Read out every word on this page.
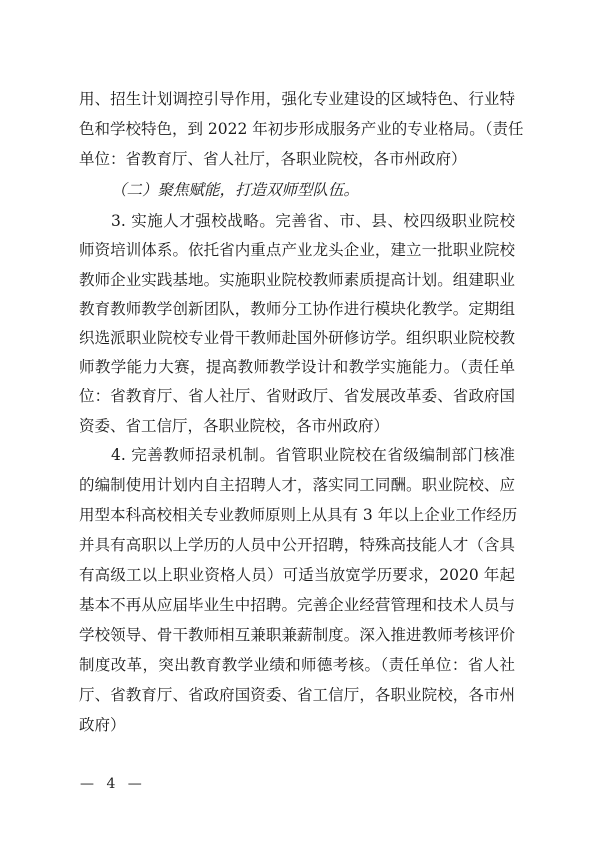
用、招生计划调控引导作用，强化专业建设的区域特色、行业特
色和学校特色，到 2022 年初步形成服务产业的专业格局。（责任
单位：省教育厅、省人社厅，各职业院校，各市州政府）
（二）聚焦赋能，打造双师型队伍。
3. 实施人才强校战略。完善省、市、县、校四级职业院校
师资培训体系。依托省内重点产业龙头企业，建立一批职业院校
教师企业实践基地。实施职业院校教师素质提高计划。组建职业
教育教师教学创新团队，教师分工协作进行模块化教学。定期组
织选派职业院校专业骨干教师赴国外研修访学。组织职业院校教
师教学能力大赛，提高教师教学设计和教学实施能力。（责任单
位：省教育厅、省人社厅、省财政厅、省发展改革委、省政府国
资委、省工信厅，各职业院校，各市州政府）
4. 完善教师招录机制。省管职业院校在省级编制部门核准
的编制使用计划内自主招聘人才，落实同工同酬。职业院校、应
用型本科高校相关专业教师原则上从具有 3 年以上企业工作经历
并具有高职以上学历的人员中公开招聘，特殊高技能人才（含具
有高级工以上职业资格人员）可适当放宽学历要求，2020 年起
基本不再从应届毕业生中招聘。完善企业经营管理和技术人员与
学校领导、骨干教师相互兼职兼薪制度。深入推进教师考核评价
制度改革，突出教育教学业绩和师德考核。（责任单位：省人社
厅、省教育厅、省政府国资委、省工信厅，各职业院校，各市州
政府）
— 4 —
